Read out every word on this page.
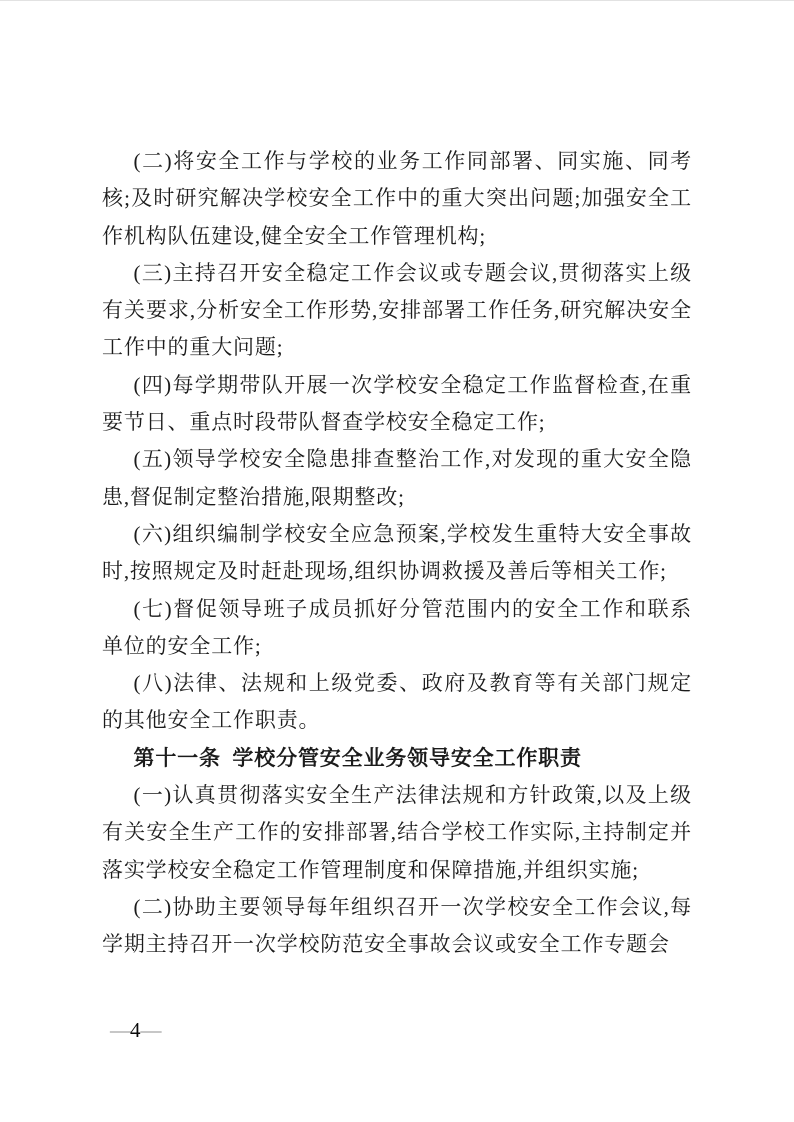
(二)将安全工作与学校的业务工作同部署、同实施、同考核;及时研究解决学校安全工作中的重大突出问题;加强安全工作机构队伍建设,健全安全工作管理机构;

(三)主持召开安全稳定工作会议或专题会议,贯彻落实上级有关要求,分析安全工作形势,安排部署工作任务,研究解决安全工作中的重大问题;

(四)每学期带队开展一次学校安全稳定工作监督检查,在重要节日、重点时段带队督查学校安全稳定工作;

(五)领导学校安全隐患排查整治工作,对发现的重大安全隐患,督促制定整治措施,限期整改;

(六)组织编制学校安全应急预案,学校发生重特大安全事故时,按照规定及时赶赴现场,组织协调救援及善后等相关工作;

(七)督促领导班子成员抓好分管范围内的安全工作和联系单位的安全工作;

(八)法律、法规和上级党委、政府及教育等有关部门规定的其他安全工作职责。

第十一条 学校分管安全业务领导安全工作职责

(一)认真贯彻落实安全生产法律法规和方针政策,以及上级有关安全生产工作的安排部署,结合学校工作实际,主持制定并落实学校安全稳定工作管理制度和保障措施,并组织实施;

(二)协助主要领导每年组织召开一次学校安全工作会议,每学期主持召开一次学校防范安全事故会议或安全工作专题会

—4—
